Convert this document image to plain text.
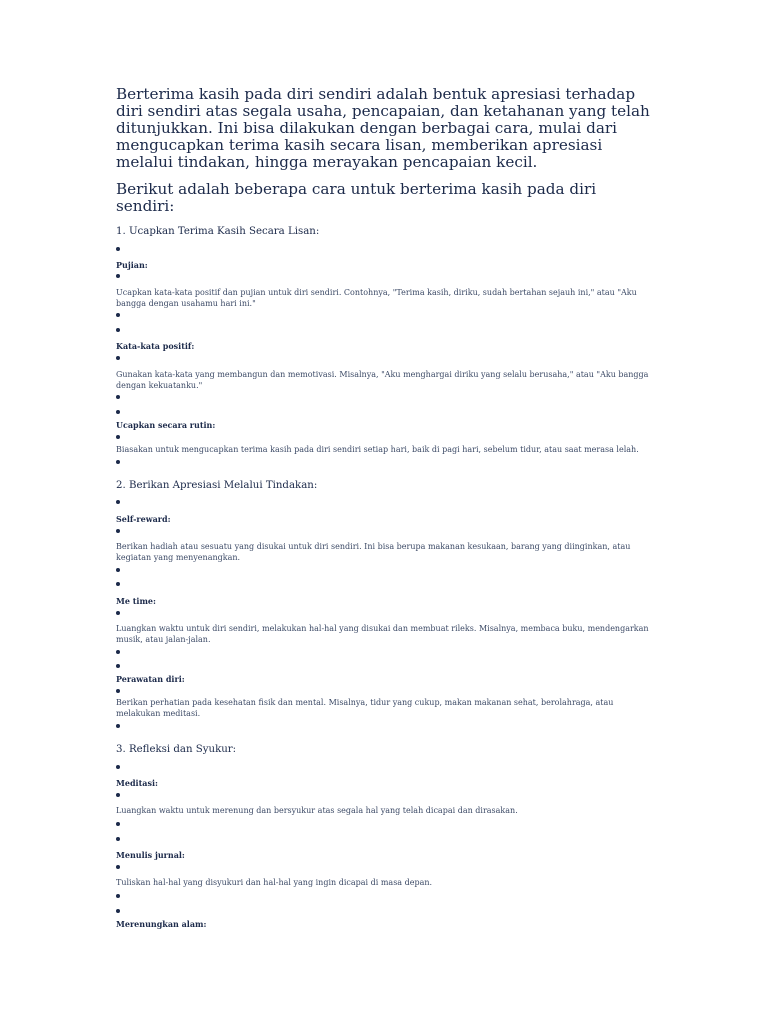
Berterima kasih pada diri sendiri adalah bentuk apresiasi terhadap diri sendiri atas segala usaha, pencapaian, dan ketahanan yang telah ditunjukkan. Ini bisa dilakukan dengan berbagai cara, mulai dari mengucapkan terima kasih secara lisan, memberikan apresiasi melalui tindakan, hingga merayakan pencapaian kecil.

Berikut adalah beberapa cara untuk berterima kasih pada diri sendiri:

1. Ucapkan Terima Kasih Secara Lisan:
Pujian:
Ucapkan kata-kata positif dan pujian untuk diri sendiri. Contohnya, "Terima kasih, diriku, sudah bertahan sejauh ini," atau "Aku bangga dengan usahamu hari ini."
Kata-kata positif:
Gunakan kata-kata yang membangun dan memotivasi. Misalnya, "Aku menghargai diriku yang selalu berusaha," atau "Aku bangga dengan kekuatanku."
Ucapkan secara rutin:
Biasakan untuk mengucapkan terima kasih pada diri sendiri setiap hari, baik di pagi hari, sebelum tidur, atau saat merasa lelah.
2. Berikan Apresiasi Melalui Tindakan:
Self-reward:
Berikan hadiah atau sesuatu yang disukai untuk diri sendiri. Ini bisa berupa makanan kesukaan, barang yang diinginkan, atau kegiatan yang menyenangkan.
Me time:
Luangkan waktu untuk diri sendiri, melakukan hal-hal yang disukai dan membuat rileks. Misalnya, membaca buku, mendengarkan musik, atau jalan-jalan.
Perawatan diri:
Berikan perhatian pada kesehatan fisik dan mental. Misalnya, tidur yang cukup, makan makanan sehat, berolahraga, atau melakukan meditasi.
3. Refleksi dan Syukur:
Meditasi:
Luangkan waktu untuk merenung dan bersyukur atas segala hal yang telah dicapai dan dirasakan.
Menulis jurnal:
Tuliskan hal-hal yang disyukuri dan hal-hal yang ingin dicapai di masa depan.
Merenungkan alam:
